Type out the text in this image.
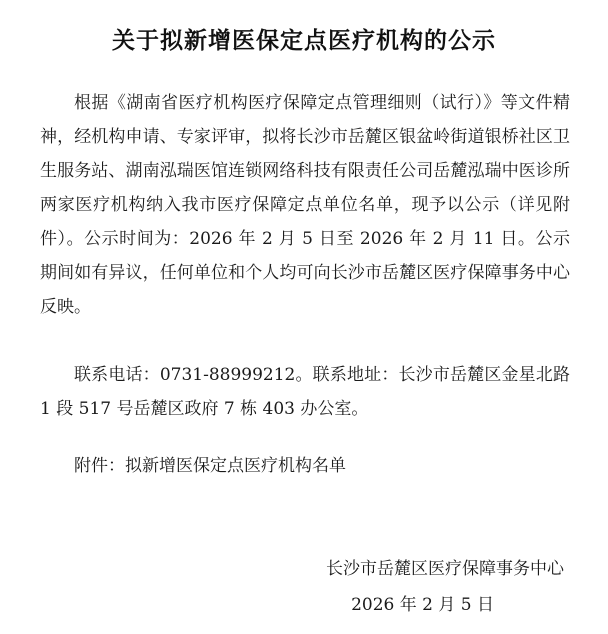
关于拟新增医保定点医疗机构的公示

根据《湖南省医疗机构医疗保障定点管理细则（试行）》等文件精神，经机构申请、专家评审，拟将长沙市岳麓区银盆岭街道银桥社区卫生服务站、湖南泓瑞医馆连锁网络科技有限责任公司岳麓泓瑞中医诊所两家医疗机构纳入我市医疗保障定点单位名单，现予以公示（详见附件）。公示时间为：2026 年 2 月 5 日至 2026 年 2 月 11 日。公示期间如有异议，任何单位和个人均可向长沙市岳麓区医疗保障事务中心反映。

联系电话：0731-88999212。联系地址：长沙市岳麓区金星北路 1 段 517 号岳麓区政府 7 栋 403 办公室。

附件：拟新增医保定点医疗机构名单

长沙市岳麓区医疗保障事务中心
2026 年 2 月 5 日
